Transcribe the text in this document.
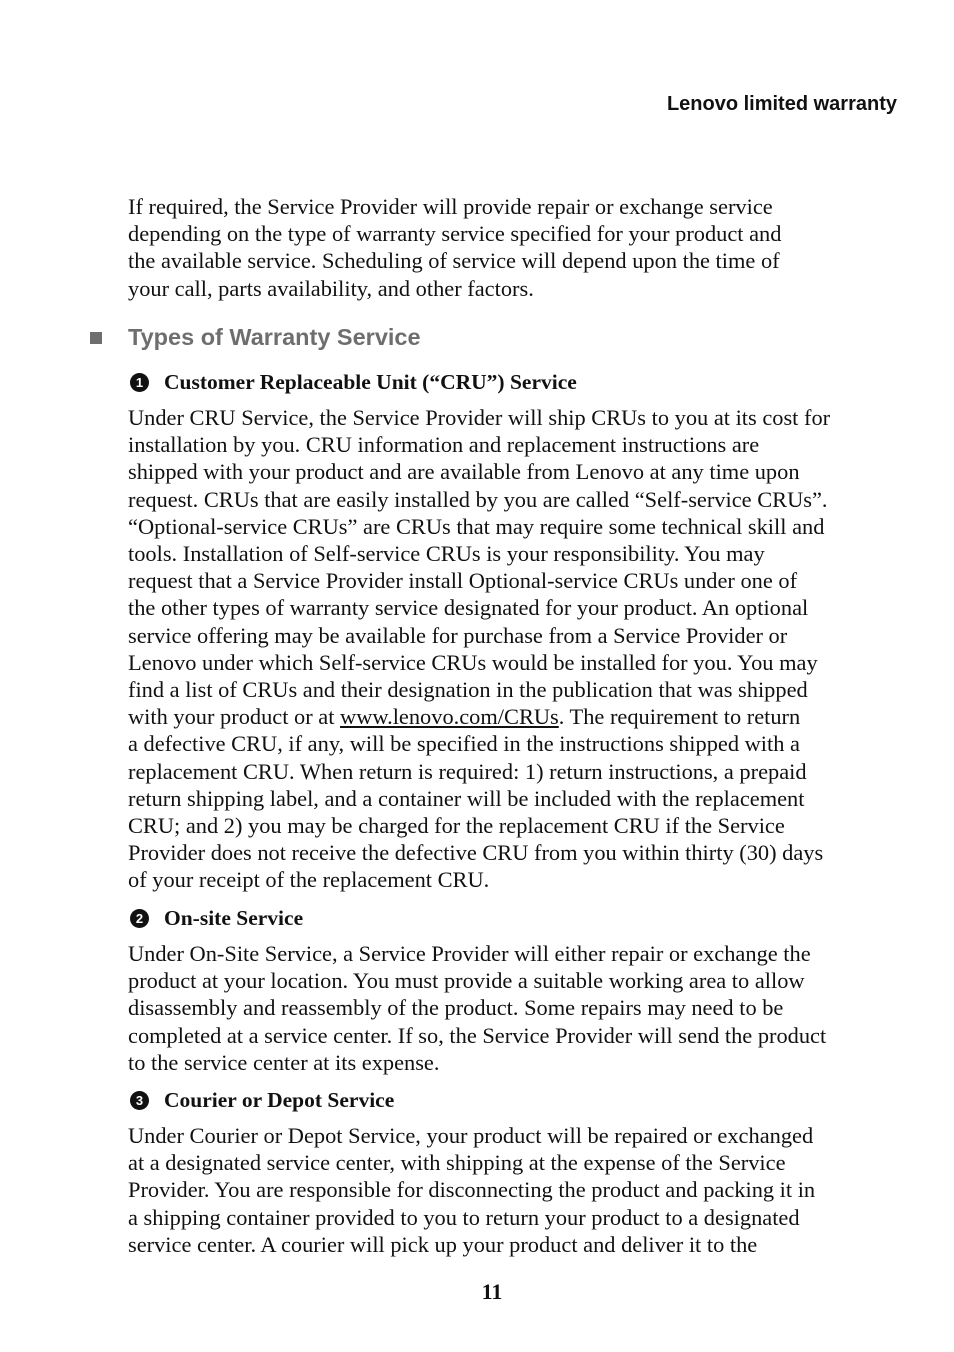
Lenovo limited warranty

If required, the Service Provider will provide repair or exchange service
depending on the type of warranty service specified for your product and
the available service. Scheduling of service will depend upon the time of
your call, parts availability, and other factors.

Types of Warranty Service
1 Customer Replaceable Unit (“CRU”) Service

Under CRU Service, the Service Provider will ship CRUs to you at its cost for
installation by you. CRU information and replacement instructions are
shipped with your product and are available from Lenovo at any time upon
request. CRUs that are easily installed by you are called “Self-service CRUs”.
“Optional-service CRUs” are CRUs that may require some technical skill and
tools. Installation of Self-service CRUs is your responsibility. You may
request that a Service Provider install Optional-service CRUs under one of
the other types of warranty service designated for your product. An optional
service offering may be available for purchase from a Service Provider or
Lenovo under which Self-service CRUs would be installed for you. You may
find a list of CRUs and their designation in the publication that was shipped
with your product or at www.lenovo.com/CRUs. The requirement to return
a defective CRU, if any, will be specified in the instructions shipped with a
replacement CRU. When return is required: 1) return instructions, a prepaid
return shipping label, and a container will be included with the replacement
CRU; and 2) you may be charged for the replacement CRU if the Service
Provider does not receive the defective CRU from you within thirty (30) days
of your receipt of the replacement CRU.

2 On-site Service

Under On-Site Service, a Service Provider will either repair or exchange the
product at your location. You must provide a suitable working area to allow
disassembly and reassembly of the product. Some repairs may need to be
completed at a service center. If so, the Service Provider will send the product
to the service center at its expense.

3 Courier or Depot Service

Under Courier or Depot Service, your product will be repaired or exchanged
at a designated service center, with shipping at the expense of the Service
Provider. You are responsible for disconnecting the product and packing it in
a shipping container provided to you to return your product to a designated
service center. A courier will pick up your product and deliver it to the

11
